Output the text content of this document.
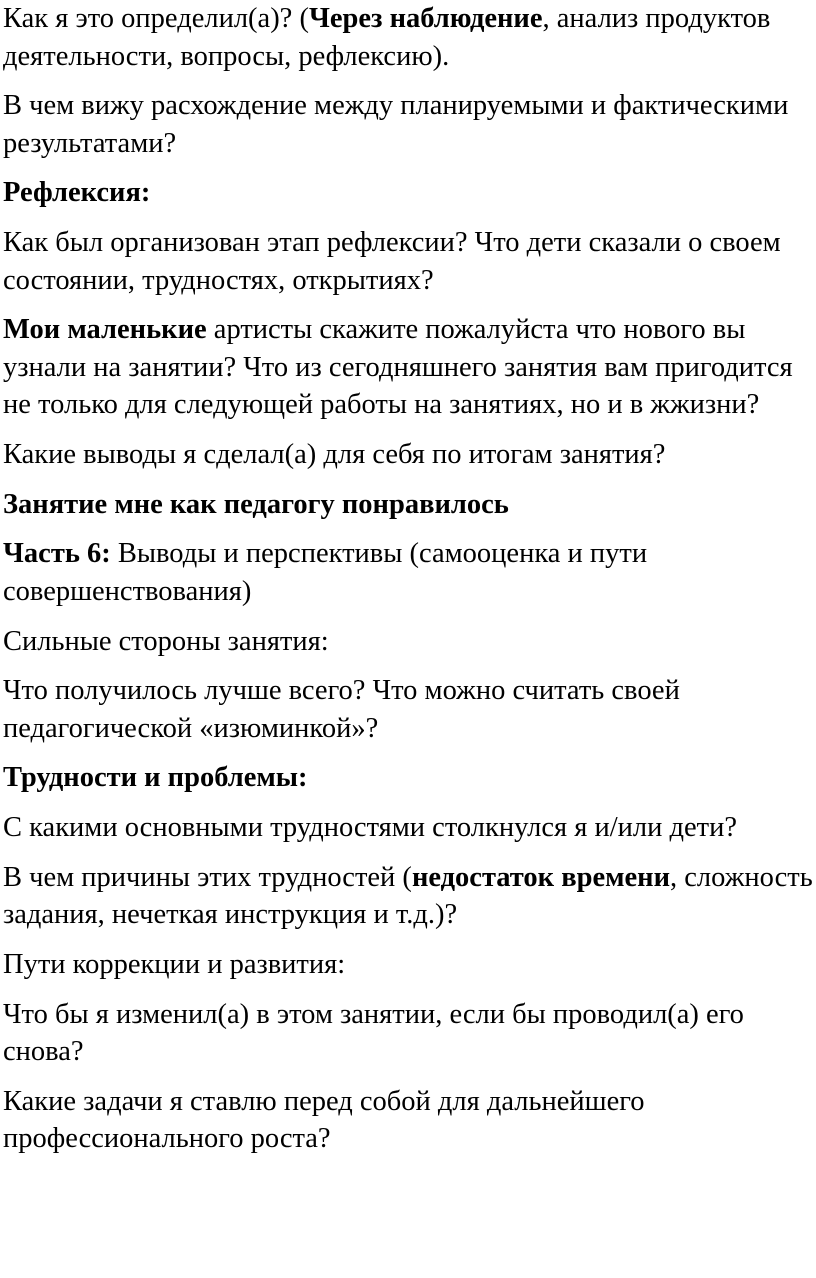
Как я это определил(а)? (Через наблюдение, анализ продуктов деятельности, вопросы, рефлексию).

В чем вижу расхождение между планируемыми и фактическими результатами?

Рефлексия:

Как был организован этап рефлексии? Что дети сказали о своем состоянии, трудностях, открытиях?

Мои маленькие артисты скажите пожалуйста что нового вы узнали на занятии? Что из сегодняшнего занятия вам пригодится не только для следующей работы на занятиях, но и в жжизни?

Какие выводы я сделал(а) для себя по итогам занятия?

Занятие мне как педагогу понравилось

Часть 6: Выводы и перспективы (самооценка и пути совершенствования)

Сильные стороны занятия:

Что получилось лучше всего? Что можно считать своей педагогической «изюминкой»?

Трудности и проблемы:

С какими основными трудностями столкнулся я и/или дети?

В чем причины этих трудностей (недостаток времени, сложность задания, нечеткая инструкция и т.д.)?

Пути коррекции и развития:

Что бы я изменил(а) в этом занятии, если бы проводил(а) его снова?

Какие задачи я ставлю перед собой для дальнейшего профессионального роста?
